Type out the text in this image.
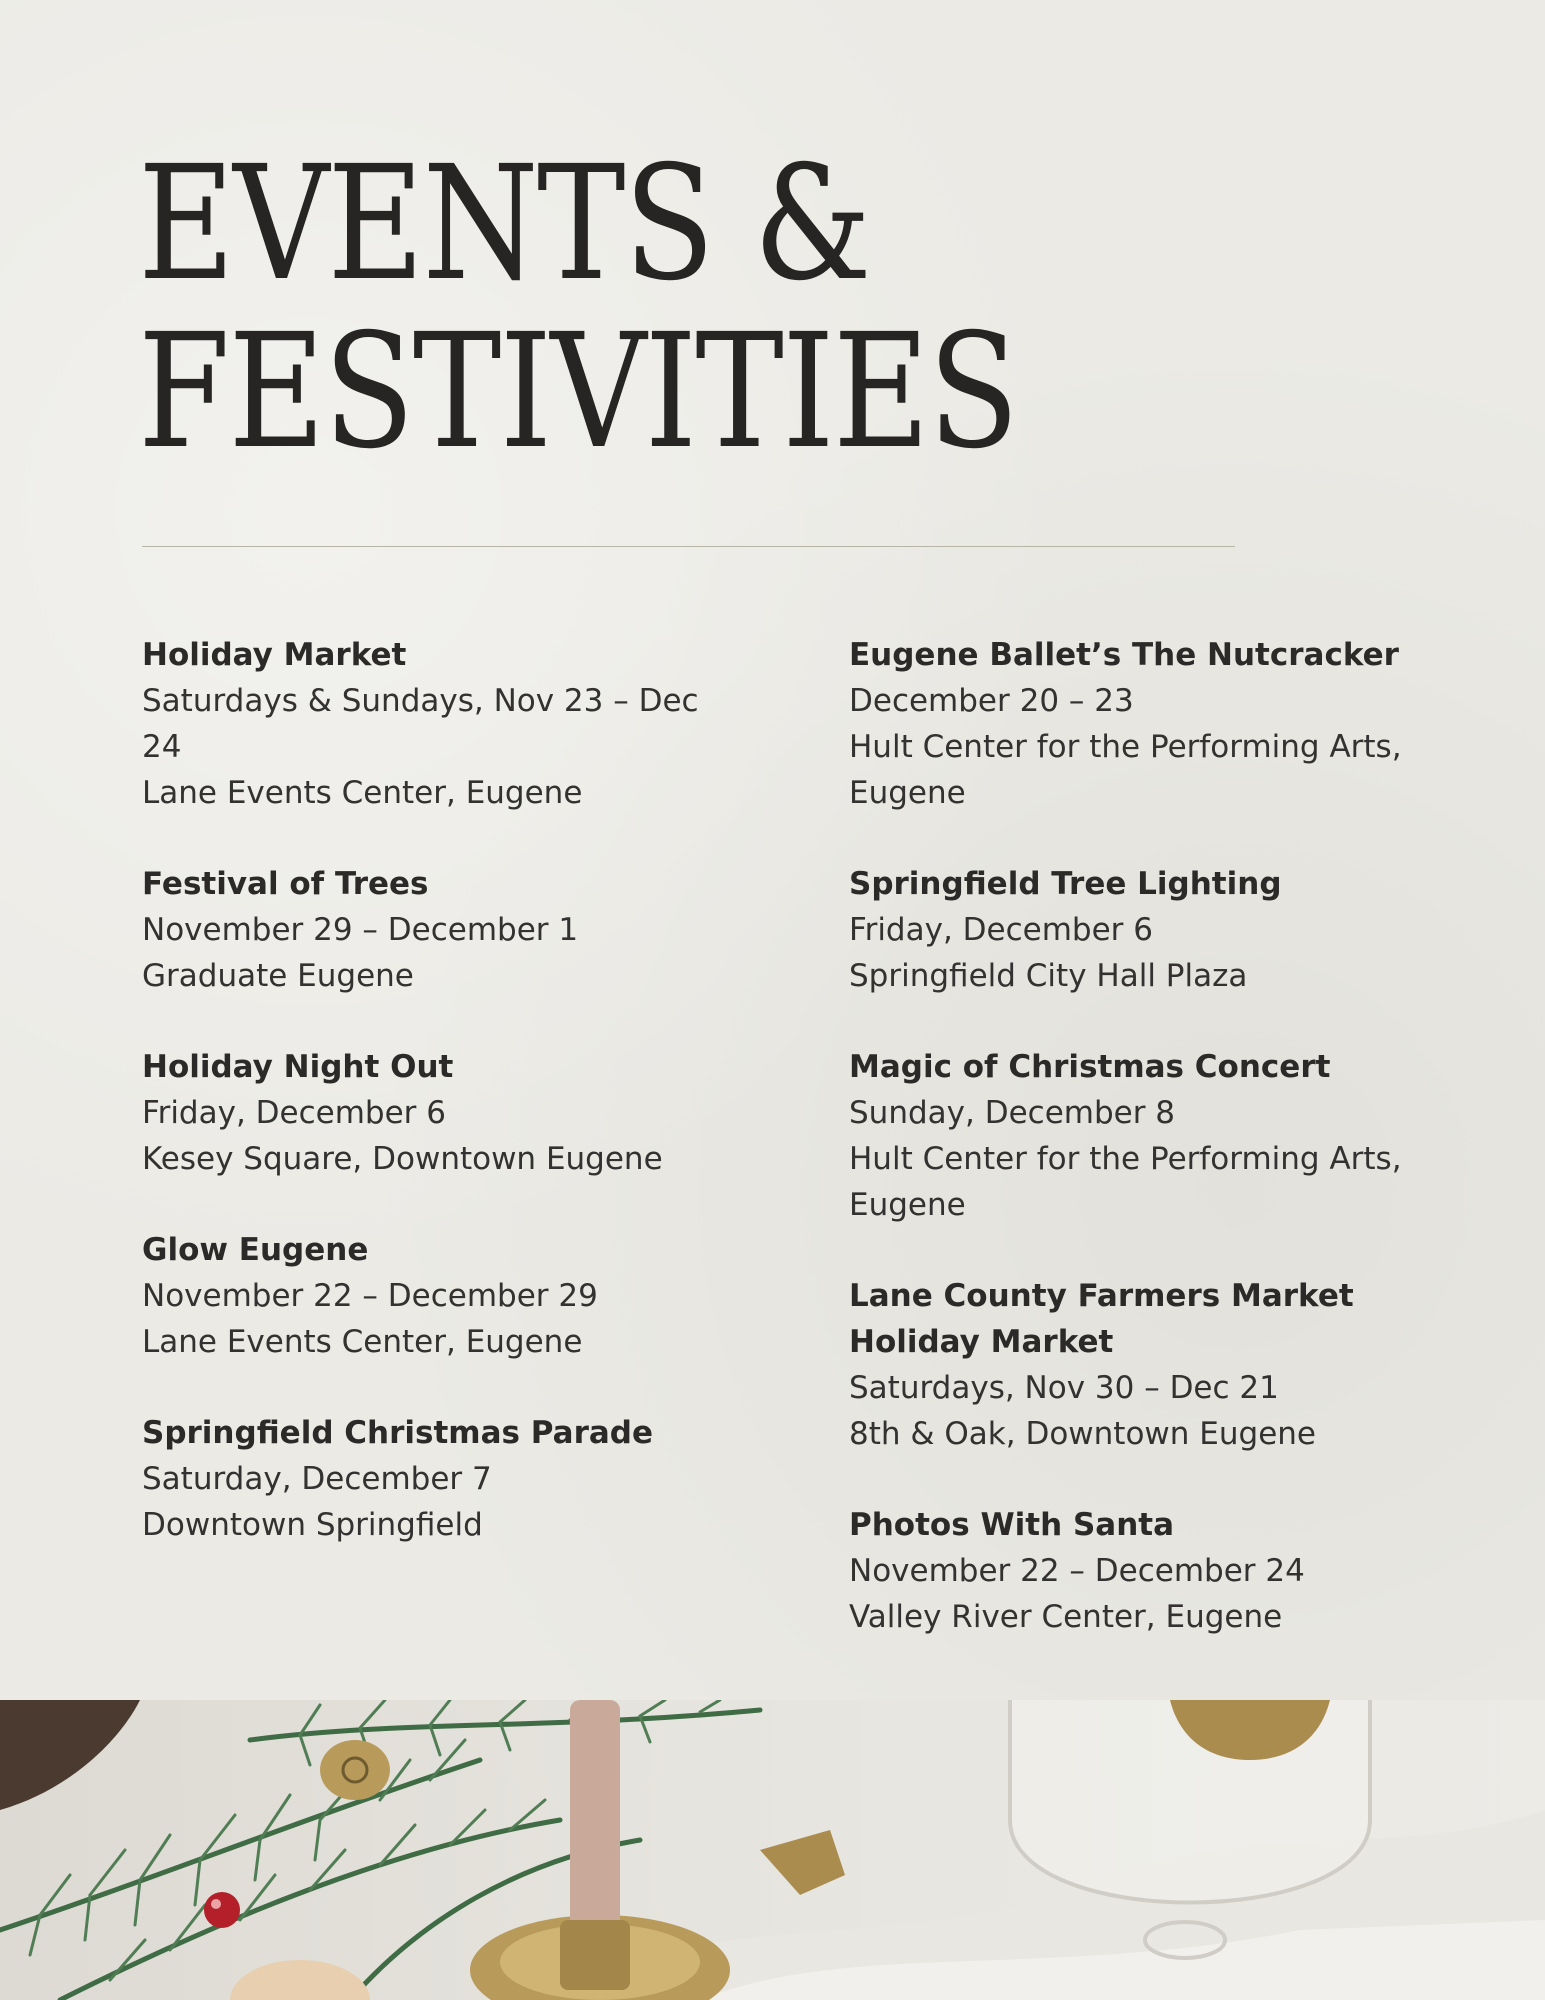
EVENTS &
FESTIVITIES
Holiday Market
Saturdays & Sundays, Nov 23 – Dec
24
Lane Events Center, Eugene
Festival of Trees
November 29 – December 1
Graduate Eugene
Holiday Night Out
Friday, December 6
Kesey Square, Downtown Eugene
Glow Eugene
November 22 – December 29
Lane Events Center, Eugene
Springfield Christmas Parade
Saturday, December 7
Downtown Springfield
Eugene Ballet’s The Nutcracker
December 20 – 23
Hult Center for the Performing Arts,
Eugene
Springfield Tree Lighting
Friday, December 6
Springfield City Hall Plaza
Magic of Christmas Concert
Sunday, December 8
Hult Center for the Performing Arts,
Eugene
Lane County Farmers Market
Holiday Market
Saturdays, Nov 30 – Dec 21
8th & Oak, Downtown Eugene
Photos With Santa
November 22 – December 24
Valley River Center, Eugene
